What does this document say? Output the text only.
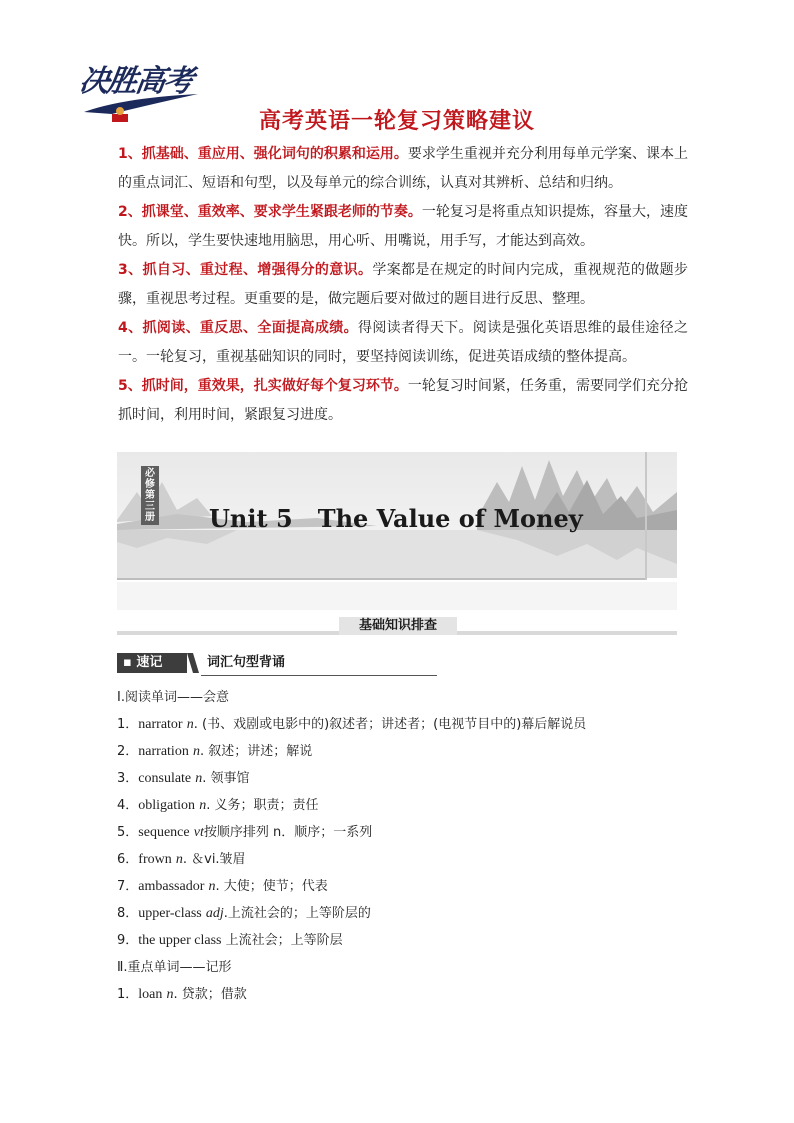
决胜高考
高考英语一轮复习策略建议

1、抓基础、重应用、强化词句的积累和运用。要求学生重视并充分利用每单元学案、课本上的重点词汇、短语和句型，以及每单元的综合训练，认真对其辨析、总结和归纳。

2、抓课堂、重效率、要求学生紧跟老师的节奏。一轮复习是将重点知识提炼，容量大，速度快。所以，学生要快速地用脑思，用心听、用嘴说，用手写，才能达到高效。

3、抓自习、重过程、增强得分的意识。学案都是在规定的时间内完成，重视规范的做题步骤，重视思考过程。更重要的是，做完题后要对做过的题目进行反思、整理。

4、抓阅读、重反思、全面提高成绩。得阅读者得天下。阅读是强化英语思维的最佳途径之一。一轮复习，重视基础知识的同时，要坚持阅读训练，促进英语成绩的整体提高。

5、抓时间，重效果，扎实做好每个复习环节。一轮复习时间紧，任务重，需要同学们充分抢抓时间，利用时间，紧跟复习进度。

必修第三册 Unit 5   The Value of Money
基础知识排查
▪ 速记	词汇句型背诵
Ⅰ.阅读单词——会意
1．narrator n. (书、戏剧或电影中的)叙述者；讲述者；(电视节目中的)幕后解说员
2．narration n. 叙述；讲述；解说
3．consulate n. 领事馆
4．obligation n. 义务；职责；责任
5．sequence vt按顺序排列 n．顺序；一系列
6．frown n. ＆vi.皱眉
7．ambassador n. 大使；使节；代表
8．upper-class adj.上流社会的；上等阶层的
9．the upper class 上流社会；上等阶层
Ⅱ.重点单词——记形
1．loan n. 贷款；借款
